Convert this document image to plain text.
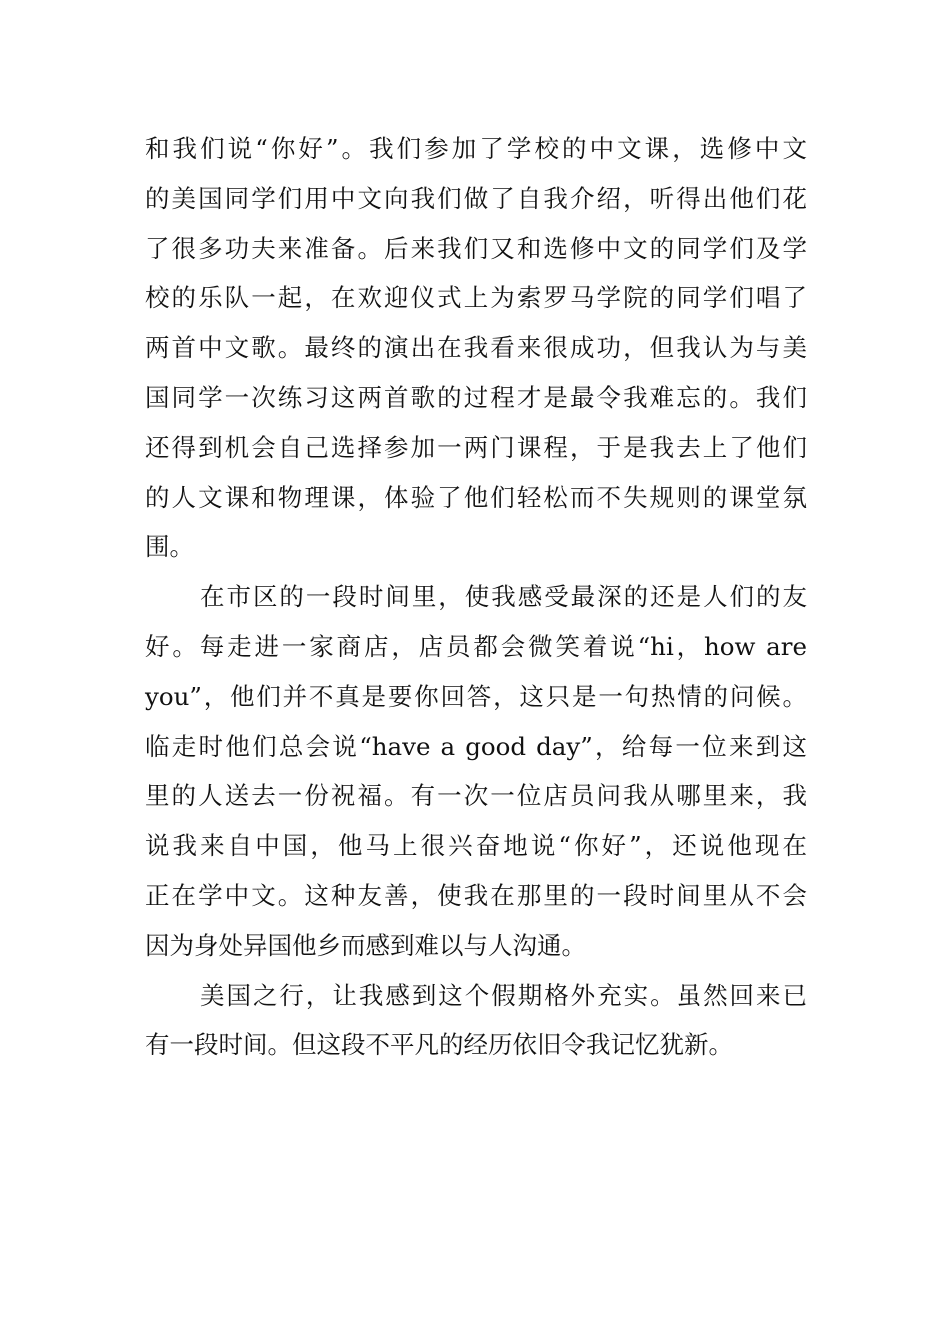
和我们说“你好”。我们参加了学校的中文课，选修中文
的美国同学们用中文向我们做了自我介绍，听得出他们花
了很多功夫来准备。后来我们又和选修中文的同学们及学
校的乐队一起，在欢迎仪式上为索罗马学院的同学们唱了
两首中文歌。最终的演出在我看来很成功，但我认为与美
国同学一次练习这两首歌的过程才是最令我难忘的。我们
还得到机会自己选择参加一两门课程，于是我去上了他们
的人文课和物理课，体验了他们轻松而不失规则的课堂氛
围。
在市区的一段时间里，使我感受最深的还是人们的友
好。每走进一家商店，店员都会微笑着说“hi，how are
you”，他们并不真是要你回答，这只是一句热情的问候。
临走时他们总会说“have a good day”，给每一位来到这
里的人送去一份祝福。有一次一位店员问我从哪里来，我
说我来自中国，他马上很兴奋地说“你好”，还说他现在
正在学中文。这种友善，使我在那里的一段时间里从不会
因为身处异国他乡而感到难以与人沟通。
美国之行，让我感到这个假期格外充实。虽然回来已
有一段时间。但这段不平凡的经历依旧令我记忆犹新。
